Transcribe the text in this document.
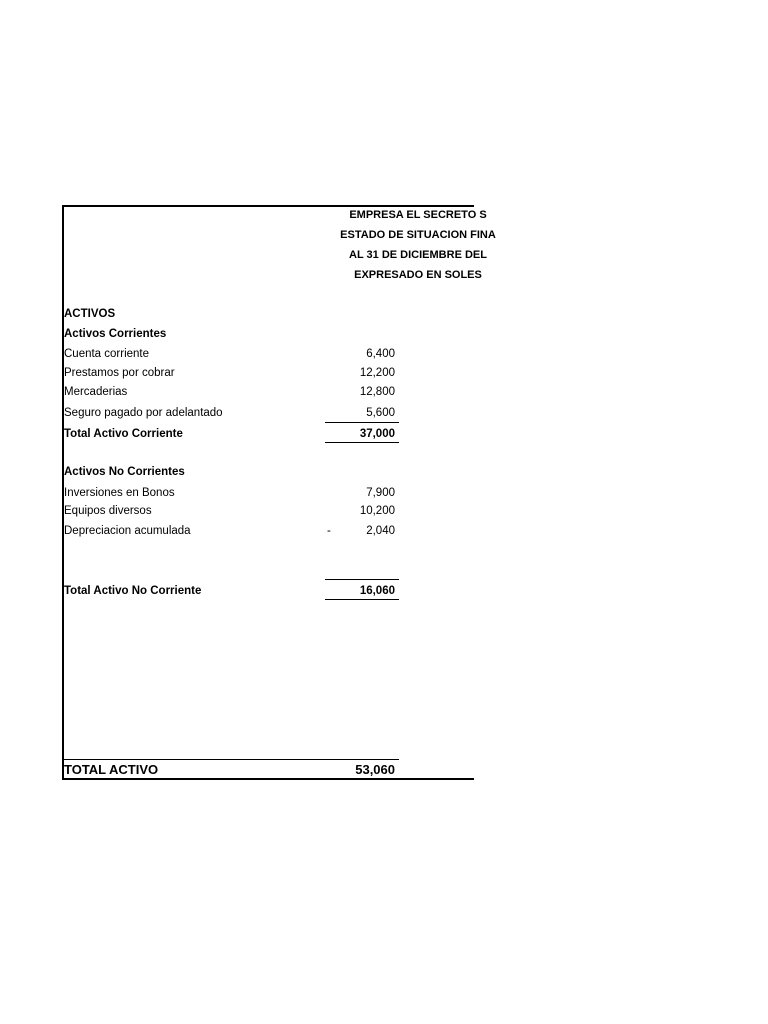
EMPRESA EL SECRETO S
ESTADO DE SITUACION FINA
AL 31 DE DICIEMBRE DEL
EXPRESADO EN SOLES
ACTIVOS
Activos Corrientes
Cuenta corriente	6,400
Prestamos por cobrar	12,200
Mercaderias	12,800
Seguro pagado por adelantado	5,600
Total Activo Corriente	37,000
Activos No Corrientes
Inversiones en Bonos	7,900
Equipos diversos	10,200
Depreciacion acumulada	-	2,040
Total Activo No Corriente	16,060
TOTAL ACTIVO	53,060
